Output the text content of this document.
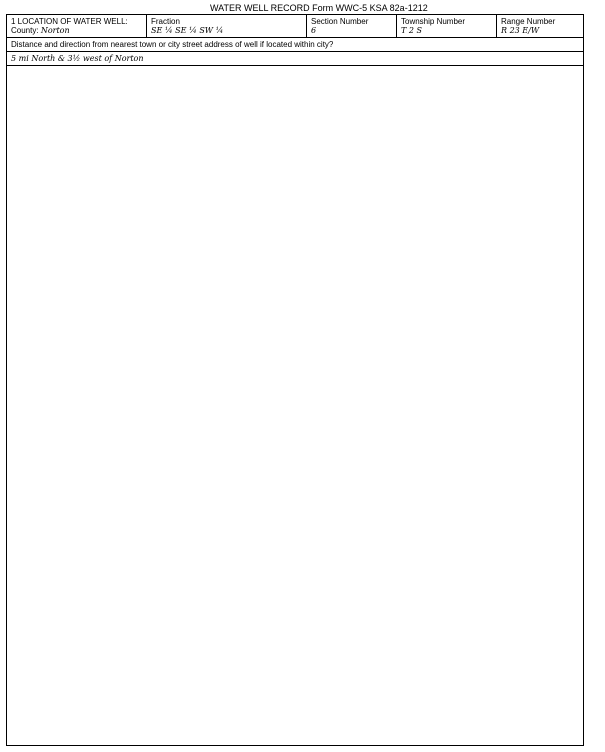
WATER WELL RECORD Form WWC-5 KSA 82a-1212
1 LOCATION OF WATER WELL:
County: Norton
Fraction
SE ¼ SE ¼ SW ¼
Section Number
6
Township Number
T 2 S
Range Number
R 23 E/W
Distance and direction from nearest town or city street address of well if located within city?
5 mi North & 3½ west of Norton
